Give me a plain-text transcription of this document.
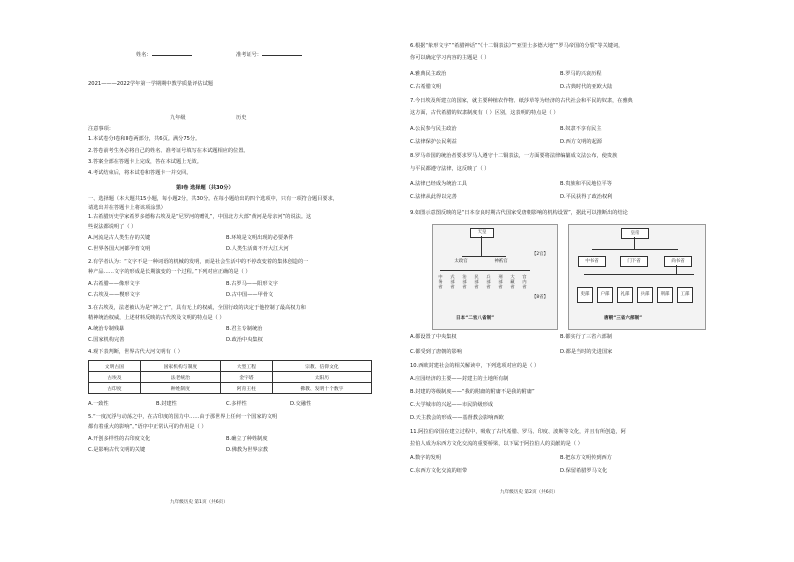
姓名：	准考证号：
2021———2022学年第一学期期中教学质量评估试题
九年级	历史
注意事项：
1.本试卷分Ⅰ卷和Ⅱ卷两部分，共6页。满分75分。
2.答卷前考生务必将自己的姓名、准考证号填写在本试题相应的位置。
3.答案全部在答题卡上完成，答在本试题上无效。
4.考试结束后，将本试卷和答题卡一并交回。
第Ⅰ卷 选择题（共30分）
一、选择题（本大题共15小题，每小题2分，共30分。在每小题给出的四个选项中，只有一项符合题目要求，
请选出并在答题卡上将该项涂黑）
1.古希腊历史学家希罗多德称古埃及是“尼罗河的赠礼”，中国北方大部“黄河是母亲河”的说法。这
些说法都说明了（ ）
A.河流是古人类生存的关键	B.环境是文明出现的必要条件
C.世界各国大河都孕育文明	D.人类生活离不开大江大河
2.有学者认为：“文字不是一种词语的机械的发明，而是社会生活中的不停改变着的集体创造的一
种产品……文字的形成是长期演变的一个过程。”下列对应正确的是（ ）
A.古希腊——像形文字	B.古罗马——阳形文字
C.古埃及——楔形文字	D.古中国——甲骨文
3.在古埃及，法老被认为是“神之子”，具有无上的权威，全国行政的决定于他控制了最高权力和
精神统治权威，上述材料反映的古代埃及文明的特点是（ ）
A.统治专制残暴	B.君主专制统治
C.国家机构完善	D.政治中央集权
4.观下表判断，世界古代大河文明有（ ）
文明古国	国家机构与制度	大型工程	宗教、信仰文化
古埃及	法老统治	金字塔	太阳历
古印度	种姓制度	阿育王柱	佛教、发明十个数字
A.一致性	B.封建性	C.多样性	D.交融性
5.“一度沉浮与动荡之中，在古印度的国力中……由于那世界上任何一个国家的文明
都有着重大的影响”。”语序中正常认可的作用是（ ）
A.开创多样性的古印度文化	B.确立了种姓制度
C.是影响古代文明的关键	D.佛教为世界宗教
九年级历史 第1页（共6页）
6.根据“象形文字”“希腊神话”“《十二铜表法》”“亚里士多德大地”“罗马帝国的分裂”等关键词，
你可以确定学习内容的主题是（ ）
A.雅典民主政治	B.罗马的兴衰历程
C.古希腊文明	D.古典时代的亚欧大陆
7.今日埃及所建立的国家，就主要种植农作物、纸莎草等为经济的古代社会和平民的奴隶，在雅典
这方面，古代希腊的奴隶制度有（ ）区别，这表明的特点是（ ）
A.公民参与民主政治	B.奴隶不享有民主
C.法律保护公民利益	D.西方文明的起源
8.罗马帝国的统治者要求罗马人遵守十二铜表法，一方面要将法律编纂成文法公布，使贵族
与平民都遵守法律，这反映了（ ）
A.法律已经成为统治工具	B.贵族和平民地位平等
C.法律从此得以完善	D.平民获得了政治权利
9.如图示意图反映的是“日本奈良时期古代国家受唐朝影响的机构设置”，据此可以推断出的结论
天皇
太政官	神祇官
【2官】
【8省】
中务省
式部省
治部省
民部省
兵部省
刑部省
大藏省
宫内省
日本“二官八省制”
皇帝
中书省	门下省	尚书省
吏部	户部	礼部	兵部	刑部	工部
唐朝“三省六部制”
A.都设置了中央集权	B.都实行了三省六部制
C.都受到了唐朝的影响	D.都是当时的先进国家
10.西欧封建社会的相关解读中，下列选项对应的是（ ）
A.庄园经济的主要——封建主的土地所有制
B.封建的等级制度——“我的附庸的附庸不是我的附庸”
C.大学城市的兴起——市民阶级形成
D.天主教会的形成——基督教会影响西欧
11.阿拉伯帝国在建立过程中，吸收了古代希腊、罗马、印度、波斯等文化，并且有所创造，阿
拉伯人成为东西方文化交流的重要桥梁，以下属于阿拉伯人的贡献的是（ ）
A.数字的发明	B.把东方文明传到西方
C.东西方文化交流的纽带	D.保留希腊罗马文化
九年级历史 第2页（共6页）
